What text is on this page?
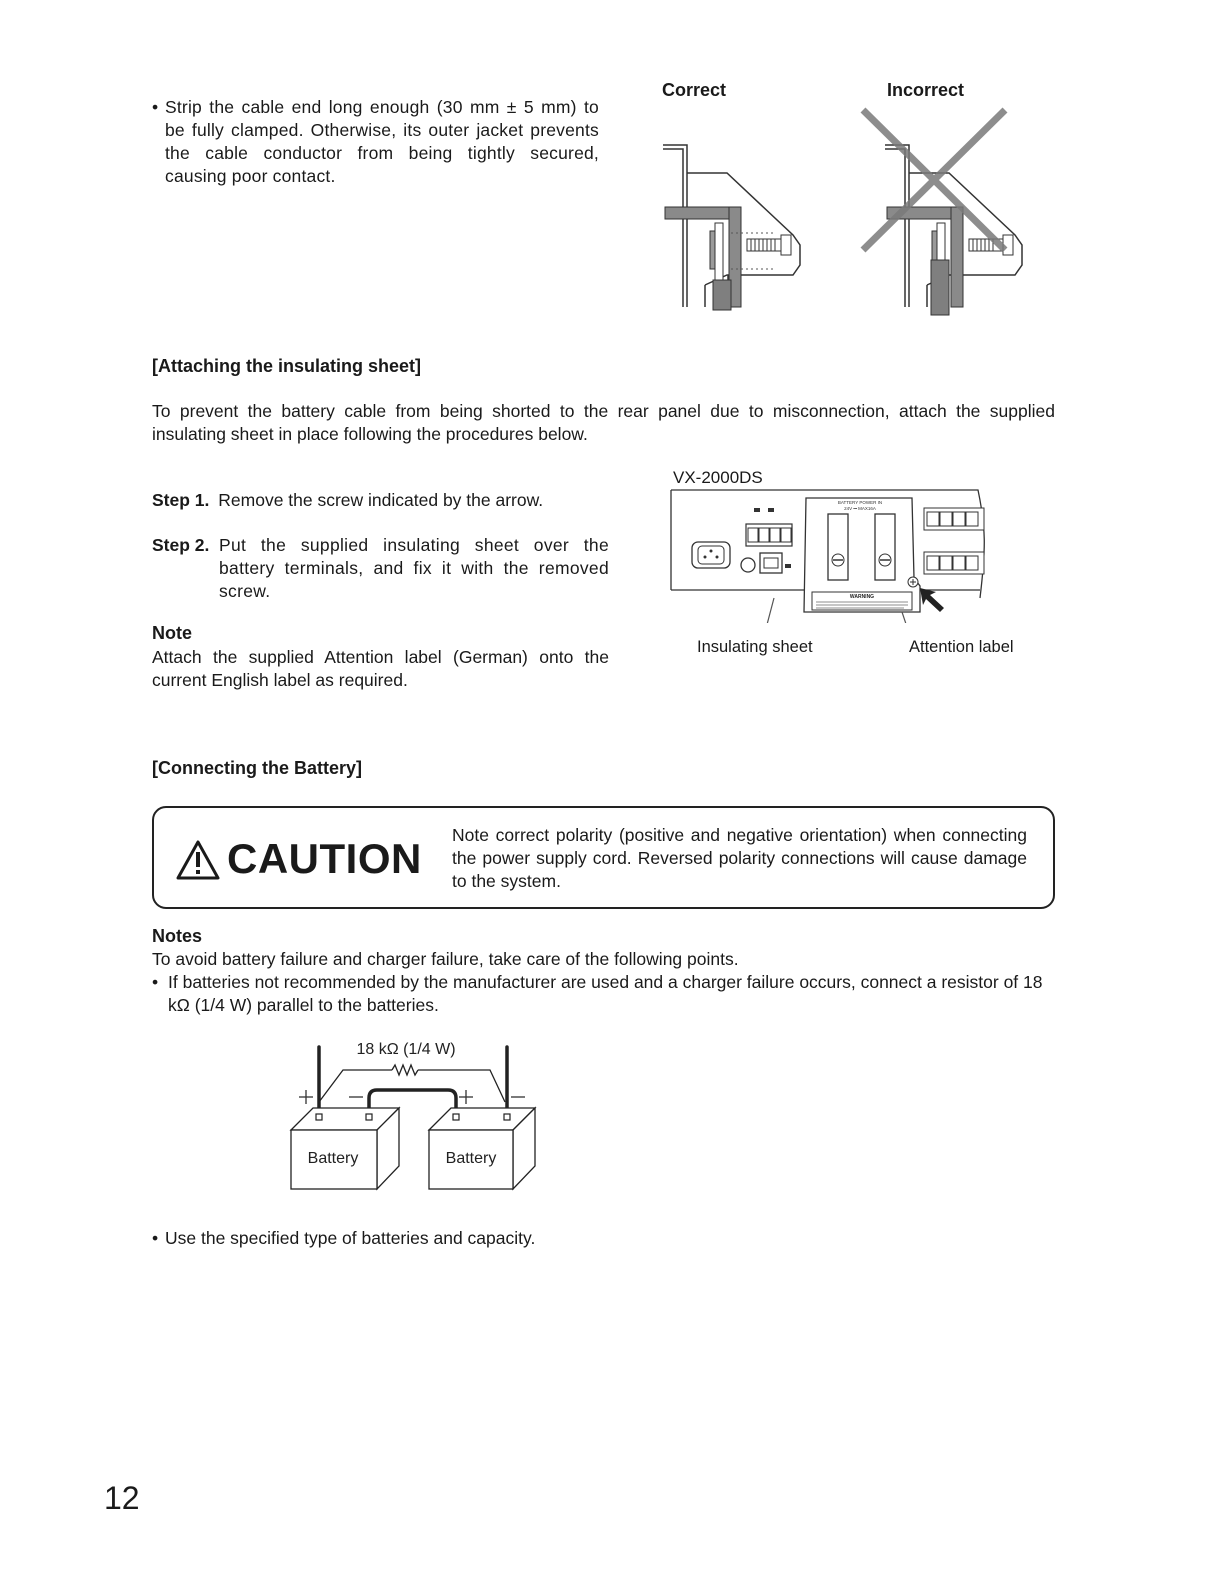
• Strip the cable end long enough (30 mm ± 5 mm) to be fully clamped. Otherwise, its outer jacket prevents the cable conductor from being tightly secured, causing poor contact.
Correct	Incorrect
[Attaching the insulating sheet]
To prevent the battery cable from being shorted to the rear panel due to misconnection, attach the supplied insulating sheet in place following the procedures below.
Step 1. Remove the screw indicated by the arrow.
Step 2. Put the supplied insulating sheet over the battery terminals, and fix it with the removed screw.
Note
Attach the supplied Attention label (German) onto the current English label as required.
VX-2000DS
BATTERY POWER IN
24V ⎓ MAX16A
WARNING
Insulating sheet	Attention label
[Connecting the Battery]
CAUTION Note correct polarity (positive and negative orientation) when connecting the power supply cord. Reversed polarity connections will cause damage to the system.
Notes
To avoid battery failure and charger failure, take care of the following points.
• If batteries not recommended by the manufacturer are used and a charger failure occurs, connect a resistor of 18 kΩ (1/4 W) parallel to the batteries.
18 kΩ (1/4 W)
Battery	Battery
• Use the specified type of batteries and capacity.
12
